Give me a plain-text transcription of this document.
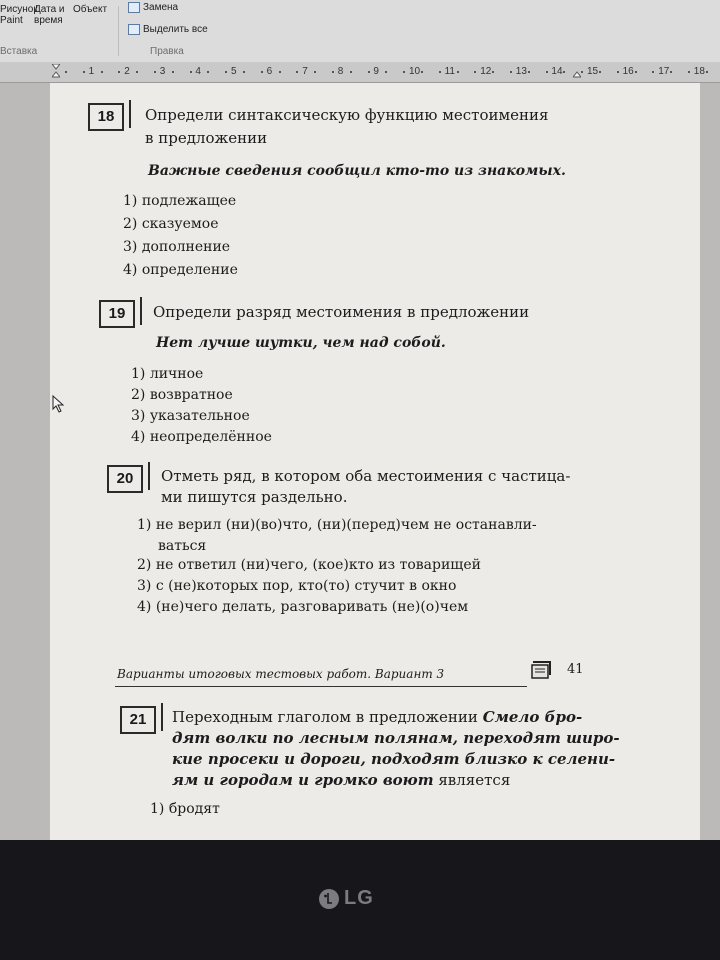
Рисунок Paint
Дата и время
Объект	Замена
Выделить все
Вставка	Правка
1	2	3	4	5	6	7	8	9	10 11	12 13 14 15 16 17 18
18	Определи синтаксическую функцию местоимения
в предложении
Важные сведения сообщил кто-то из знакомых.
1) подлежащее
2) сказуемое
3) дополнение
4) определение
19	Определи разряд местоимения в предложении
Нет лучше шутки, чем над собой.
1) личное
2) возвратное
3) указательное
4) неопределённое
20	Отметь ряд, в котором оба местоимения с частица-
ми пишутся раздельно.
1) не верил (ни)(во)что, (ни)(перед)чем не останавли-
ваться
2) не ответил (ни)чего, (кое)кто из товарищей
3) с (не)которых пор, кто(то) стучит в окно
4) (не)чего делать, разговаривать (не)(о)чем
Варианты итоговых тестовых работ. Вариант 3	41
21	Переходным глаголом в предложении Смело бро-
дят волки по лесным полянам, переходят широ-
кие просеки и дороги, подходят близко к селени-
ям и городам и громко воют является
1) бродят
LG
